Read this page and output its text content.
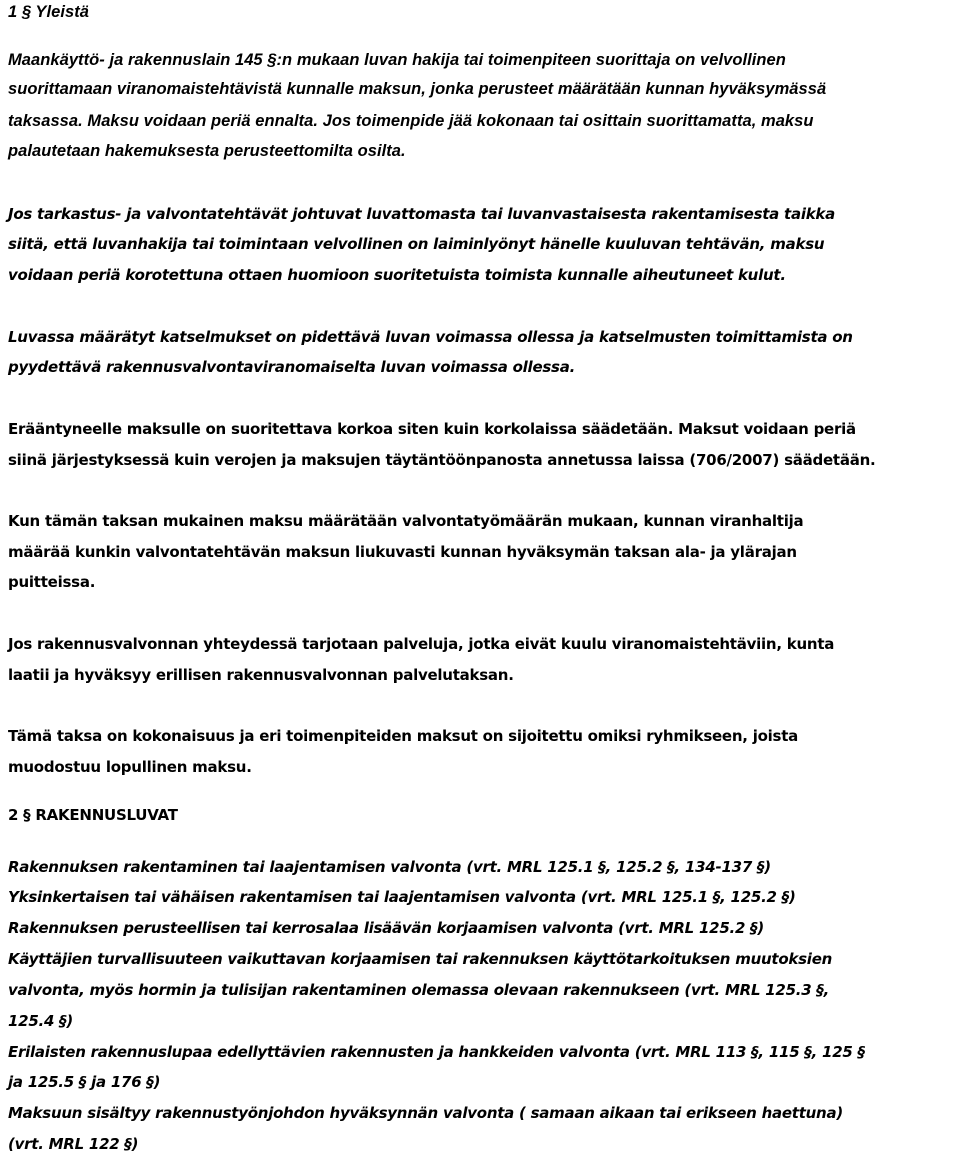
1 § Yleistä
Maankäyttö- ja rakennuslain 145 §:n mukaan luvan hakija tai toimenpiteen suorittaja on velvollinen
suorittamaan viranomaistehtävistä kunnalle maksun, jonka perusteet määrätään kunnan hyväksymässä
taksassa. Maksu voidaan periä ennalta. Jos toimenpide jää kokonaan tai osittain suorittamatta, maksu
palautetaan hakemuksesta perusteettomilta osilta.
Jos tarkastus- ja valvontatehtävät johtuvat luvattomasta tai luvanvastaisesta rakentamisesta taikka
siitä, että luvanhakija tai toimintaan velvollinen on laiminlyönyt hänelle kuuluvan tehtävän, maksu
voidaan periä korotettuna ottaen huomioon suoritetuista toimista kunnalle aiheutuneet kulut.
Luvassa määrätyt katselmukset on pidettävä luvan voimassa ollessa ja katselmusten toimittamista on
pyydettävä rakennusvalvontaviranomaiselta luvan voimassa ollessa.
Erääntyneelle maksulle on suoritettava korkoa siten kuin korkolaissa säädetään. Maksut voidaan periä
siinä järjestyksessä kuin verojen ja maksujen täytäntöönpanosta annetussa laissa (706/2007) säädetään.
Kun tämän taksan mukainen maksu määrätään valvontatyömäärän mukaan, kunnan viranhaltija
määrää kunkin valvontatehtävän maksun liukuvasti kunnan hyväksymän taksan ala- ja ylärajan
puitteissa.
Jos rakennusvalvonnan yhteydessä tarjotaan palveluja, jotka eivät kuulu viranomaistehtäviin, kunta
laatii ja hyväksyy erillisen rakennusvalvonnan palvelutaksan.
Tämä taksa on kokonaisuus ja eri toimenpiteiden maksut on sijoitettu omiksi ryhmikseen, joista
muodostuu lopullinen maksu.
2 § RAKENNUSLUVAT
Rakennuksen rakentaminen tai laajentamisen valvonta (vrt. MRL 125.1 §, 125.2 §, 134-137 §)
Yksinkertaisen tai vähäisen rakentamisen tai laajentamisen valvonta (vrt. MRL 125.1 §, 125.2 §)
Rakennuksen perusteellisen tai kerrosalaa lisäävän korjaamisen valvonta (vrt. MRL 125.2 §)
Käyttäjien turvallisuuteen vaikuttavan korjaamisen tai rakennuksen käyttötarkoituksen muutoksien
valvonta, myös hormin ja tulisijan rakentaminen olemassa olevaan rakennukseen (vrt. MRL 125.3 §,
125.4 §)
Erilaisten rakennuslupaa edellyttävien rakennusten ja hankkeiden valvonta (vrt. MRL 113 §, 115 §, 125 §
ja 125.5 § ja 176 §)
Maksuun sisältyy rakennustyönjohdon hyväksynnän valvonta ( samaan aikaan tai erikseen haettuna)
(vrt. MRL 122 §)
